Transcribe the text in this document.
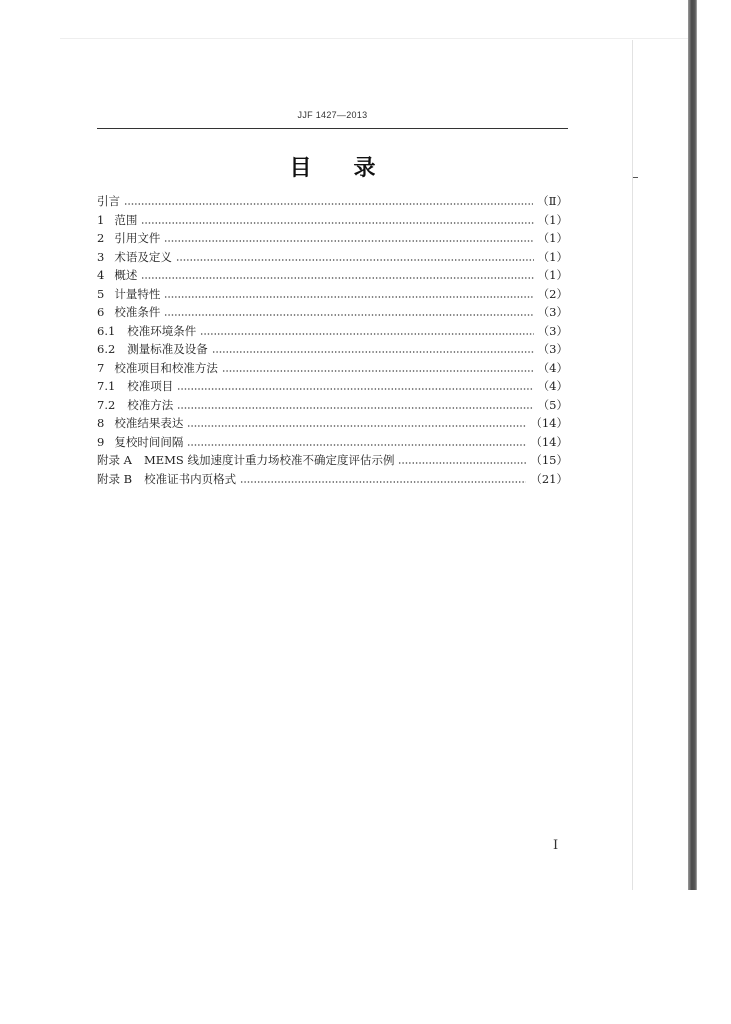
JJF 1427—2013
目 录
引言	（Ⅱ）
1 范围	（1）
2 引用文件	（1）
3 术语及定义	（1）
4 概述	（1）
5 计量特性	（2）
6 校准条件	（3）
6.1	校准环境条件	（3）
6.2	测量标准及设备	（3）
7 校准项目和校准方法	（4）
7.1	校准项目	（4）
7.2	校准方法	（5）
8 校准结果表达	（14）
9 复校时间间隔	（14）
附录 A	MEMS 线加速度计重力场校准不确定度评估示例	（15）
附录 B	校准证书内页格式	（21）
I
